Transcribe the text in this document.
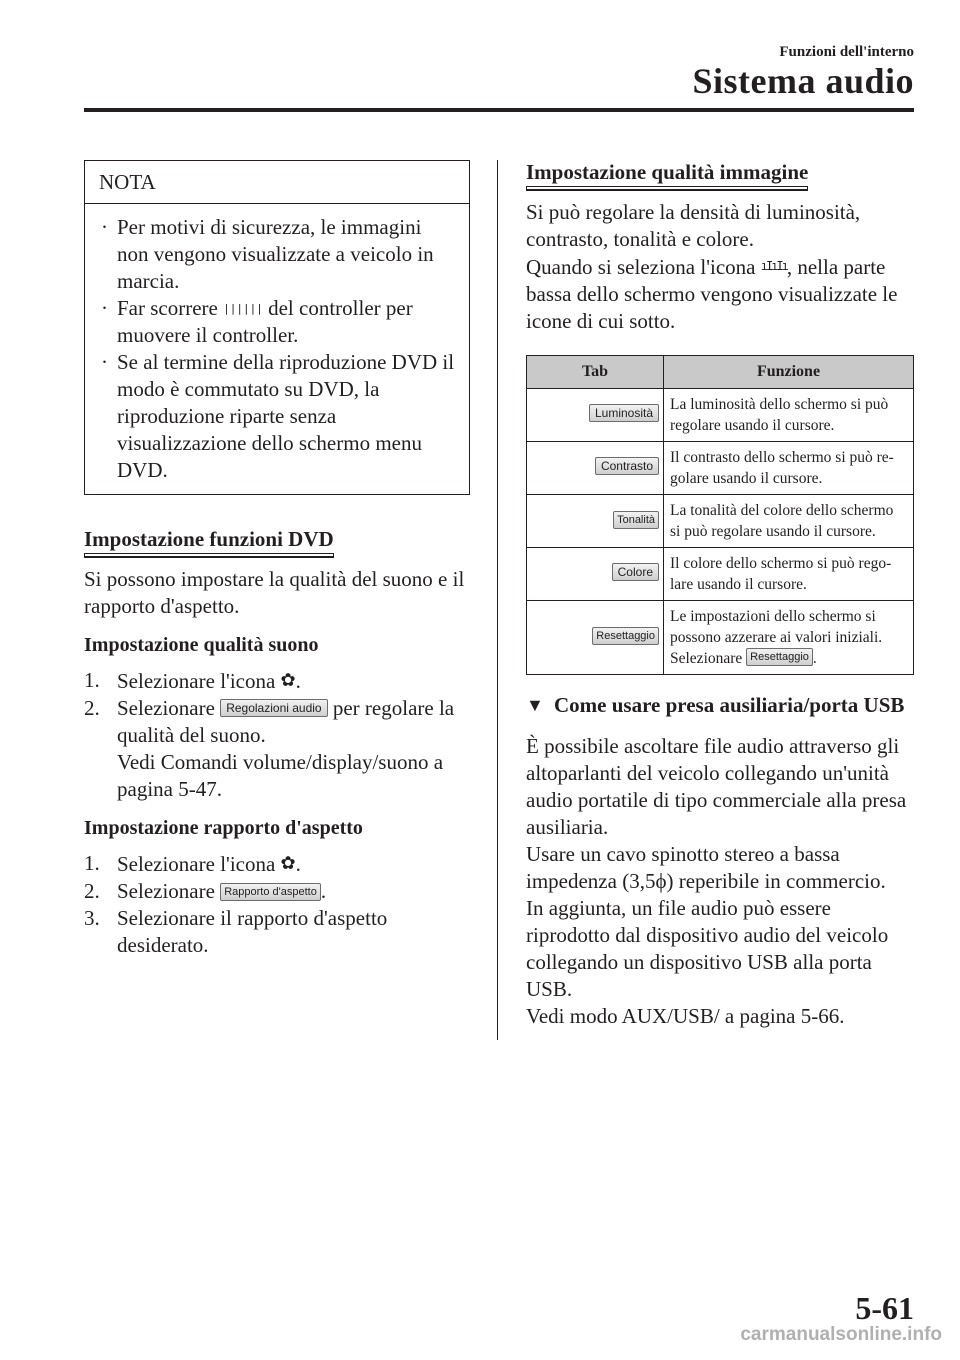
Funzioni dell'interno
Sistema audio
NOTA
· Per motivi di sicurezza, le immagini non vengono visualizzate a veicolo in marcia.
· Far scorrere |||||| del controller per muovere il controller.
· Se al termine della riproduzione DVD il modo è commutato su DVD, la riproduzione riparte senza visualizzazione dello schermo menu DVD.
Impostazione funzioni DVD

Si possono impostare la qualità del suono e il rapporto d'aspetto.

Impostazione qualità suono

1. Selezionare l'icona ✿.
2. Selezionare Regolazioni audio per regolare la qualità del suono.
Vedi Comandi volume/display/suono a pagina 5-47.

Impostazione rapporto d'aspetto

1. Selezionare l'icona ✿.
2. Selezionare Rapporto d'aspetto .
3. Selezionare il rapporto d'aspetto desiderato.
Impostazione qualità immagine

Si può regolare la densità di luminosità, contrasto, tonalità e colore.

Quando si seleziona l'icona ıIıIı, nella parte bassa dello schermo vengono visualizzate le icone di cui sotto.

Tab	Funzione
Luminosità	La luminosità dello schermo si può regolare usando il cursore.
Contrasto	Il contrasto dello schermo si può re-golare usando il cursore.
Tonalità	La tonalità del colore dello schermo si può regolare usando il cursore.
Colore	Il colore dello schermo si può rego-lare usando il cursore.
Resettaggio	Le impostazioni dello schermo si possono azzerare ai valori iniziali.
Selezionare Resettaggio .

▼ Come usare presa ausiliaria/porta USB

È possibile ascoltare file audio attraverso gli altoparlanti del veicolo collegando un'unità audio portatile di tipo commerciale alla presa ausiliaria.

Usare un cavo spinotto stereo a bassa impedenza (3,5ϕ) reperibile in commercio.

In aggiunta, un file audio può essere riprodotto dal dispositivo audio del veicolo collegando un dispositivo USB alla porta USB.

Vedi modo AUX/USB/ a pagina 5-66.

5-61
carmanualsonline.info
